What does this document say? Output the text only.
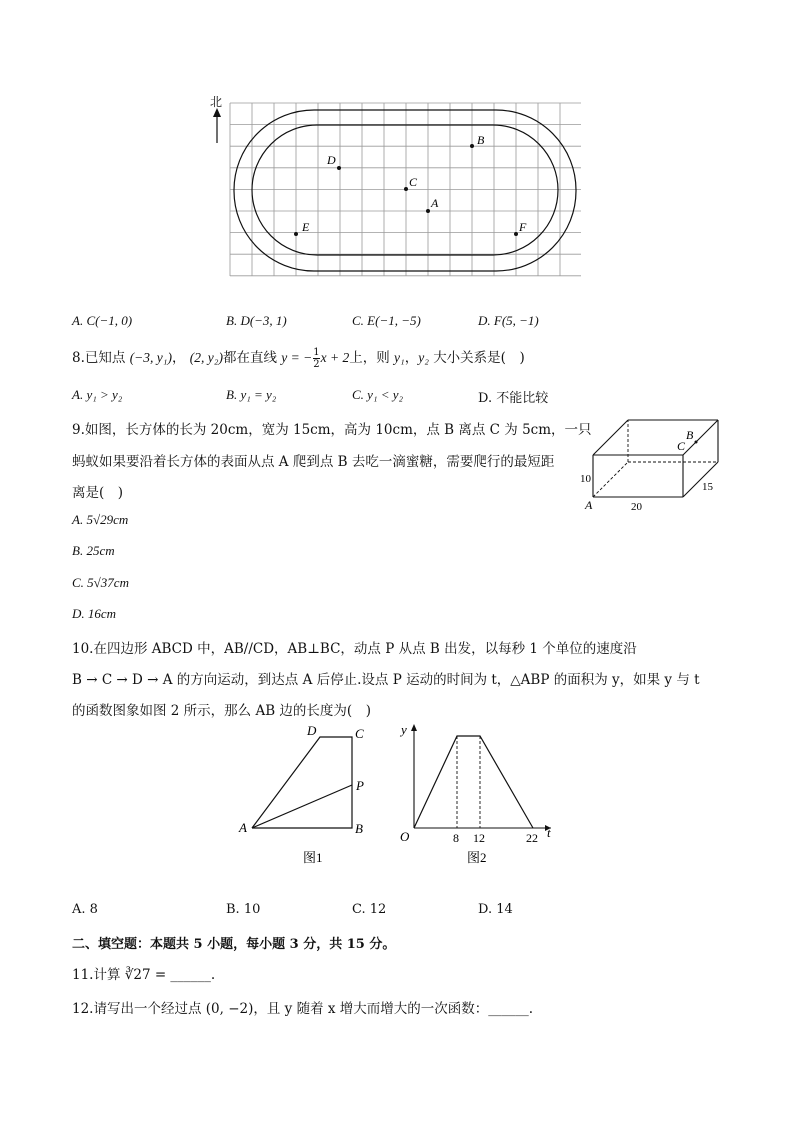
北
B
D
C
A
E	F
A. C(−1, 0)	B. D(−3, 1)	C. E(−1, −5)	D. F(5, −1)
8.已知点 (−3, y₁)， (2, y₂)都在直线 y = − $\frac{1}{2}$ x + 2上，则 y₁，y₂ 大小关系是(　)
A. y₁ > y₂	B. y₁ = y₂	C. y₁ < y₂	D. 不能比较
9.如图，长方体的长为 20cm，宽为 15cm，高为 10cm，点 B 离点 C 为 5cm，一只
蚂蚁如果要沿着长方体的表面从点 A 爬到点 B 去吃一滴蜜糖，需要爬行的最短距
离是(　)
A. 5√29cm
B. 25cm
C. 5√37cm
D. 16cm
B
C
A
10
20
15
10.在四边形 ABCD 中，AB//CD，AB⊥BC，动点 P 从点 B 出发，以每秒 1 个单位的速度沿
B → C → D → A 的方向运动，到达点 A 后停止.设点 P 运动的时间为 t，△ABP 的面积为 y，如果 y 与 t
的函数图象如图 2 所示，那么 AB 边的长度为(　)
D	C
P
A	B
图1
y
t
O	8 12	22
图2
A. 8	B. 10	C. 12	D. 14
二、填空题：本题共 5 小题，每小题 3 分，共 15 分。
11.计算 ∛27 = ______.
12.请写出一个经过点 (0, −2)，且 y 随着 x 增大而增大的一次函数：______.
